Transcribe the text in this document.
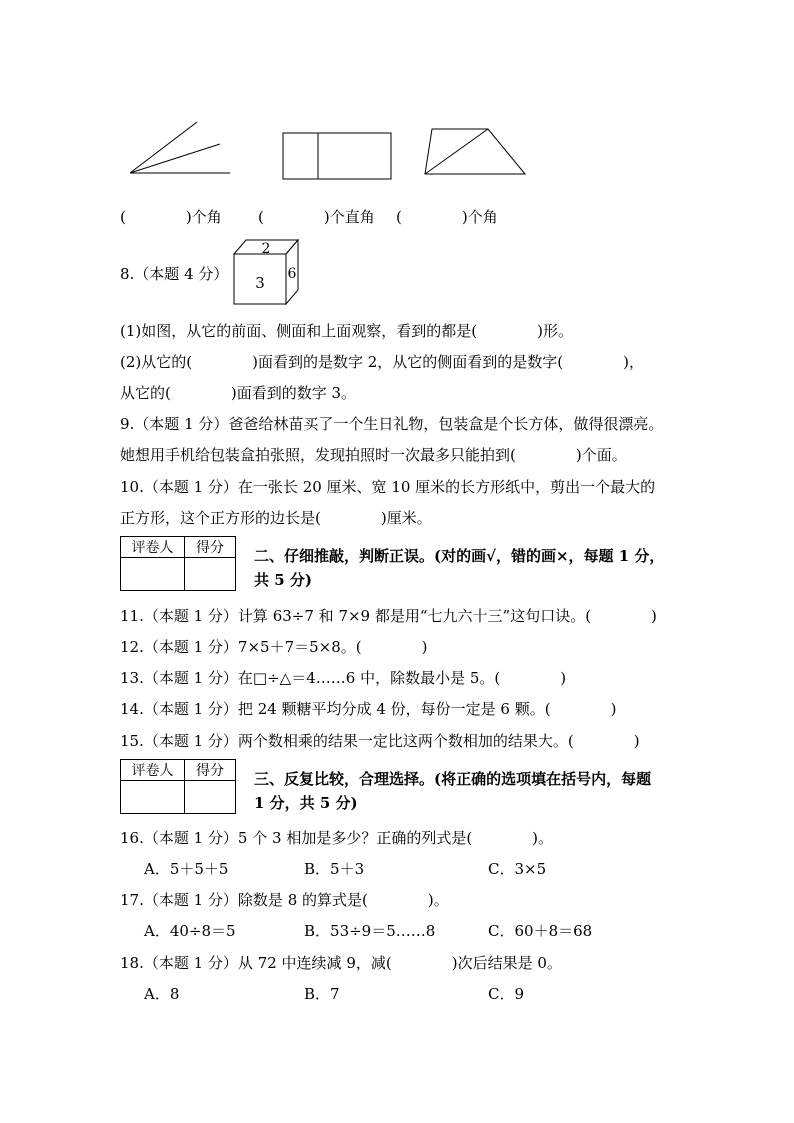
(　　　　)个角 (　　　　)个直角 (　　　　)个角
8.（本题 4 分）
2
3 6
(1)如图，从它的前面、侧面和上面观察，看到的都是(　　　　)形。
(2)从它的(　　　　)面看到的是数字 2，从它的侧面看到的是数字(　　　　)，
从它的(　　　　)面看到的数字 3。
9.（本题 1 分）爸爸给林苗买了一个生日礼物，包装盒是个长方体，做得很漂亮。
她想用手机给包装盒拍张照，发现拍照时一次最多只能拍到(　　　　)个面。
10.（本题 1 分）在一张长 20 厘米、宽 10 厘米的长方形纸中，剪出一个最大的
正方形，这个正方形的边长是(　　　　)厘米。
评卷人	得分
	二、仔细推敲，判断正误。(对的画√，错的画×，每题 1 分，
共 5 分)
11.（本题 1 分）计算 63÷7 和 7×9 都是用“七九六十三”这句口诀。(　　　　)
12.（本题 1 分）7×5＋7＝5×8。(　　　　)
13.（本题 1 分）在□÷△＝4……6 中，除数最小是 5。(　　　　)
14.（本题 1 分）把 24 颗糖平均分成 4 份，每份一定是 6 颗。(　　　　)
15.（本题 1 分）两个数相乘的结果一定比这两个数相加的结果大。(　　　　)
评卷人	得分
	三、反复比较，合理选择。(将正确的选项填在括号内，每题
1 分，共 5 分)
16.（本题 1 分）5 个 3 相加是多少？正确的列式是(　　　　)。
A．5＋5＋5	B．5＋3	C．3×5
17.（本题 1 分）除数是 8 的算式是(　　　　)。
A．40÷8＝5	B．53÷9＝5……8	C．60＋8＝68
18.（本题 1 分）从 72 中连续减 9，减(　　　　)次后结果是 0。
A．8	B．7	C．9
